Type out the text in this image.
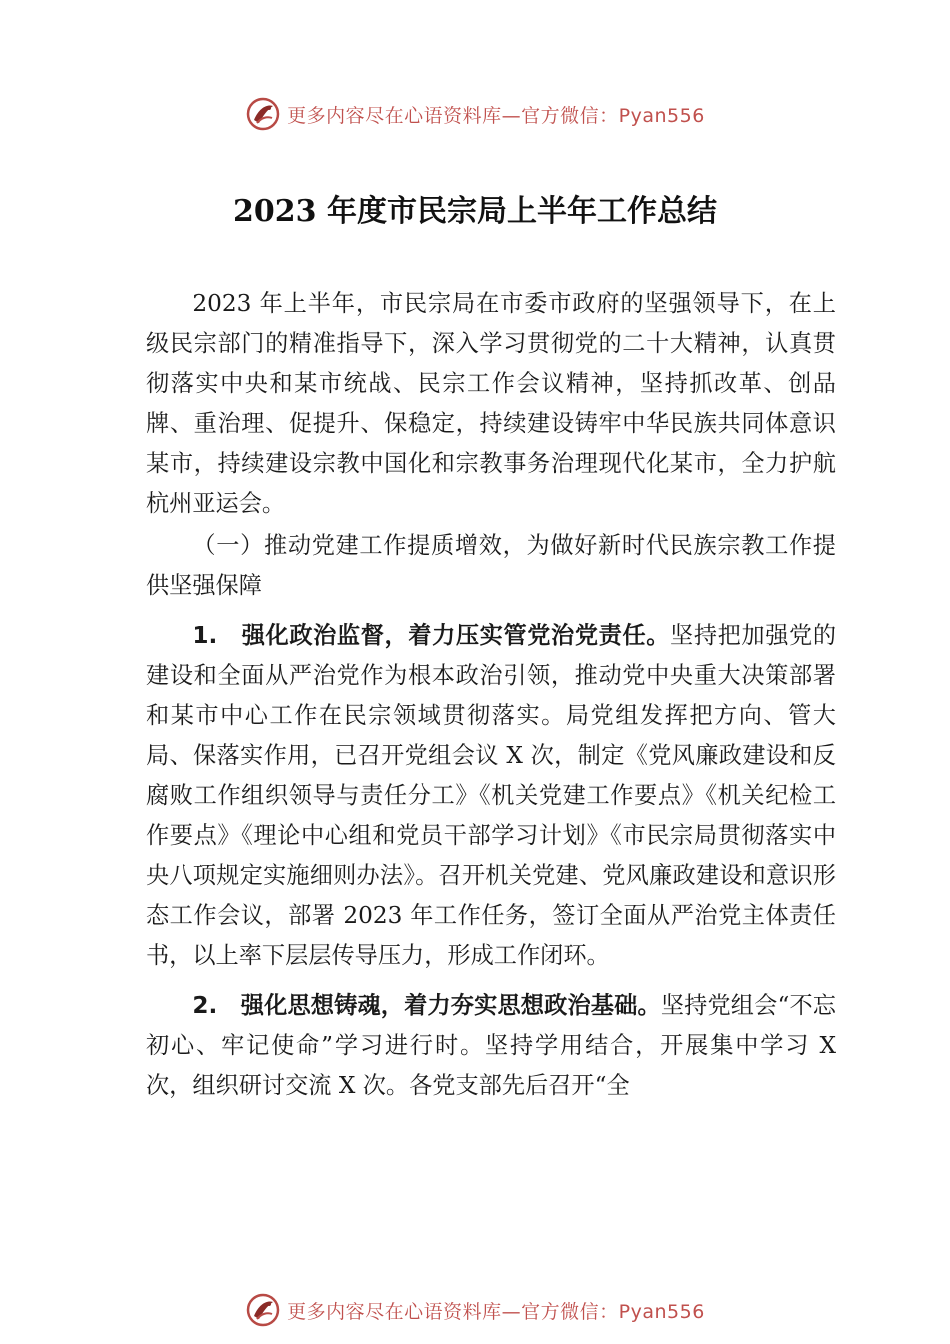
更多内容尽在心语资料库—官方微信：Pyan556
2023 年度市民宗局上半年工作总结

2023 年上半年，市民宗局在市委市政府的坚强领导下，在上级民宗部门的精准指导下，深入学习贯彻党的二十大精神，认真贯彻落实中央和某市统战、民宗工作会议精神，坚持抓改革、创品牌、重治理、促提升、保稳定，持续建设铸牢中华民族共同体意识某市，持续建设宗教中国化和宗教事务治理现代化某市，全力护航杭州亚运会。

（一）推动党建工作提质增效，为做好新时代民族宗教工作提供坚强保障

1.　强化政治监督，着力压实管党治党责任。坚持把加强党的建设和全面从严治党作为根本政治引领，推动党中央重大决策部署和某市中心工作在民宗领域贯彻落实。局党组发挥把方向、管大局、保落实作用，已召开党组会议 X 次，制定《党风廉政建设和反腐败工作组织领导与责任分工》《机关党建工作要点》《机关纪检工作要点》《理论中心组和党员干部学习计划》《市民宗局贯彻落实中央八项规定实施细则办法》。召开机关党建、党风廉政建设和意识形态工作会议，部署 2023 年工作任务，签订全面从严治党主体责任书，以上率下层层传导压力，形成工作闭环。

2.　强化思想铸魂，着力夯实思想政治基础。坚持党组会“不忘初心、牢记使命”学习进行时。坚持学用结合，开展集中学习 X 次，组织研讨交流 X 次。各党支部先后召开“全

更多内容尽在心语资料库—官方微信：Pyan556
